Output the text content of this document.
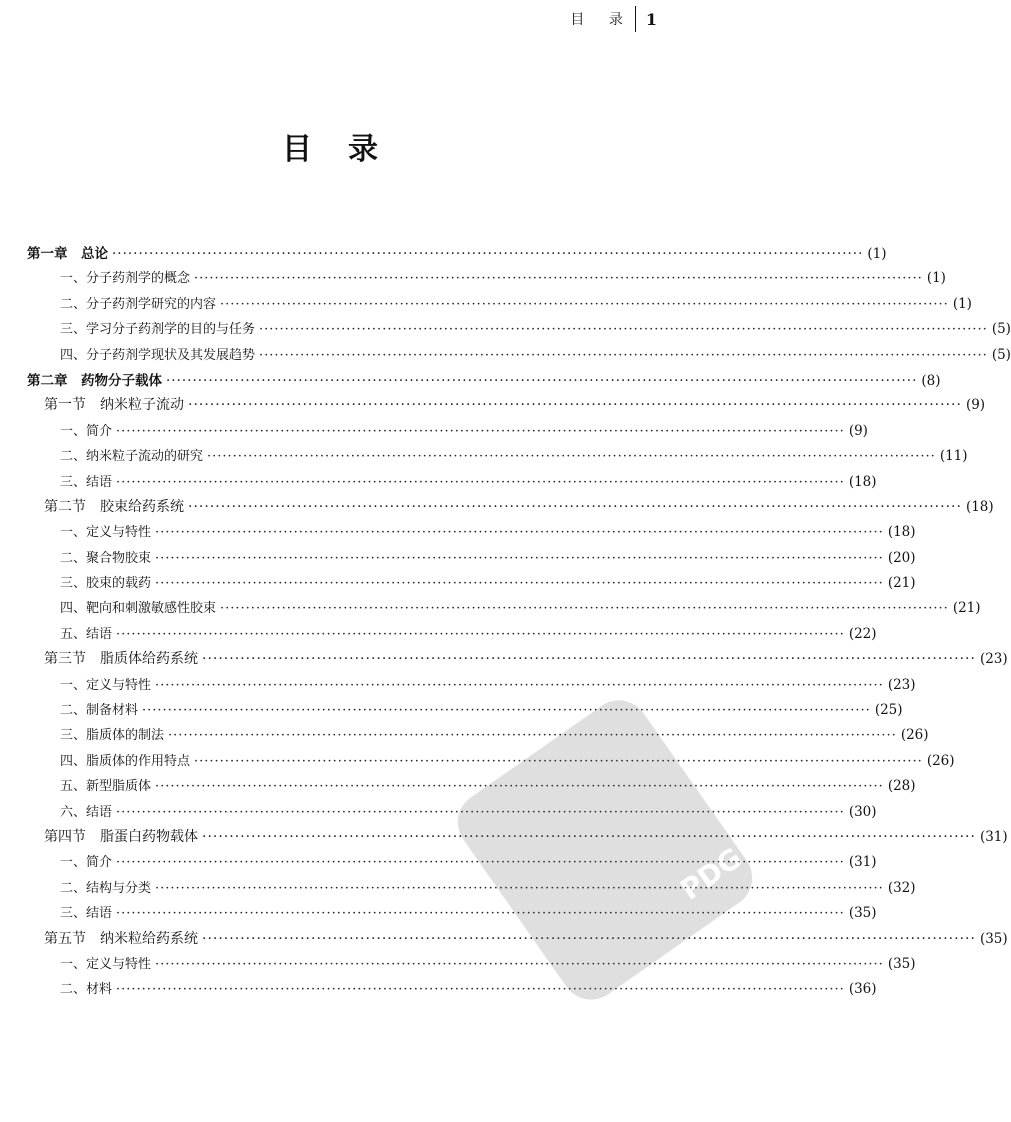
目 录 1
目录
第一章　总论 ·····	(1)
一、分子药剂学的概念 ·····	(1)
二、分子药剂学研究的内容 ·····	(1)
三、学习分子药剂学的目的与任务 ·····	(5)
四、分子药剂学现状及其发展趋势 ·····	(5)
第二章　药物分子载体 ·····	(8)
第一节　纳米粒子流动 ·····	(9)
一、简介 ·····	(9)
二、纳米粒子流动的研究 ·····	(11)
三、结语 ·····	(18)
第二节　胶束给药系统 ·····	(18)
一、定义与特性 ·····	(18)
二、聚合物胶束 ·····	(20)
三、胶束的载药 ·····	(21)
四、靶向和刺激敏感性胶束 ·····	(21)
五、结语 ·····	(22)
第三节　脂质体给药系统 ·····	(23)
一、定义与特性 ·····	(23)
二、制备材料 ·····	(25)
三、脂质体的制法 ·····	(26)
四、脂质体的作用特点 ·····	(26)
五、新型脂质体 ·····	(28)
六、结语 ·····	(30)
第四节　脂蛋白药物载体 ·····	(31)
一、简介 ·····	(31)
二、结构与分类 ·····	(32)
三、结语 ·····	(35)
第五节　纳米粒给药系统 ·····	(35)
一、定义与特性 ·····	(35)
二、材料 ·····	(36)
PDG
